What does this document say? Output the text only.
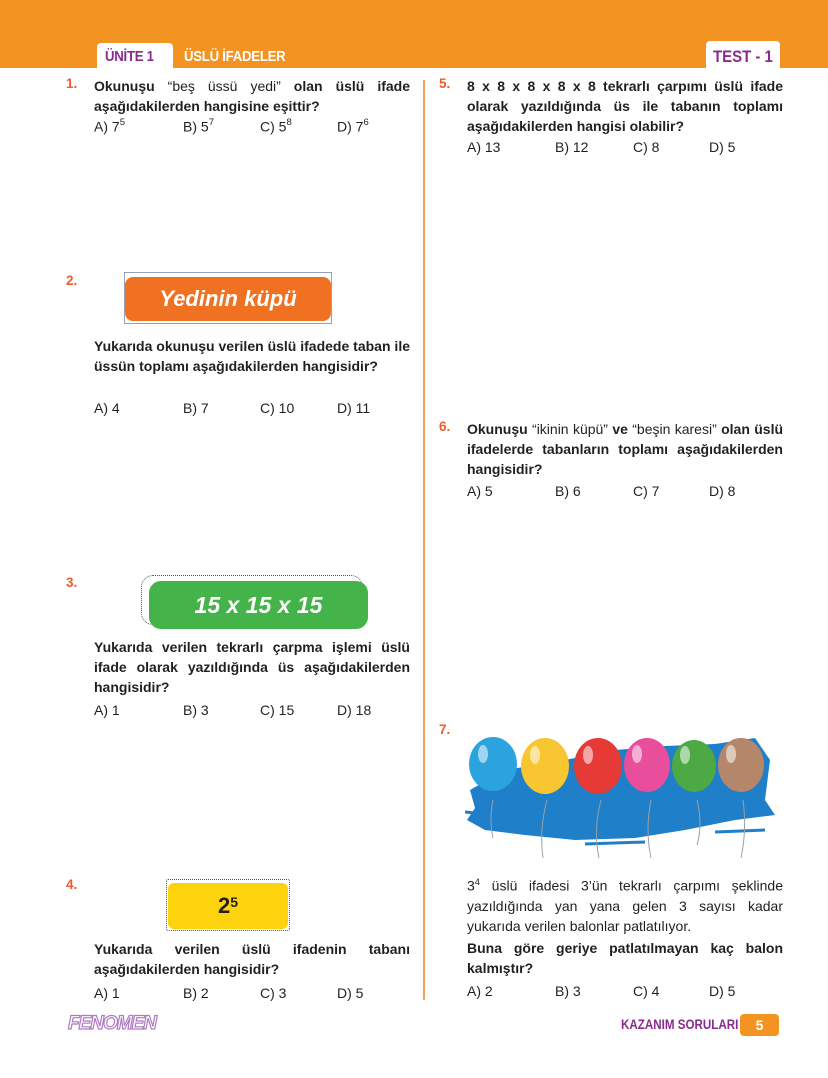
ÜNİTE 1 ÜSLÜ İFADELER	TEST - 1
1. Okunuşu “beş üssü yedi” olan üslü ifade aşağıdakilerden hangisine eşittir?
A) $7^5$	B) $5^7$	C) $5^8$	D) $7^6$
2.
Yedinin küpü
Yukarıda okunuşu verilen üslü ifadede taban ile üssün toplamı aşağıdakilerden hangisidir?
A) 4	B) 7	C) 10	D) 11
3.
15 x 15 x 15
Yukarıda verilen tekrarlı çarpma işlemi üslü ifade olarak yazıldığında üs aşağıdakilerden hangisidir?
A) 1	B) 3	C) 15	D) 18
4.
$2^5$
Yukarıda verilen üslü ifadenin tabanı aşağıdakilerden hangisidir?
A) 1	B) 2	C) 3	D) 5
5. 8 x 8 x 8 x 8 x 8 tekrarlı çarpımı üslü ifade olarak yazıldığında üs ile tabanın toplamı aşağıdakilerden hangisi olabilir?
A) 13	B) 12	C) 8	D) 5
6. Okunuşu “ikinin küpü” ve “beşin karesi” olan üslü ifadelerde tabanların toplamı aşağıdakilerden hangisidir?
A) 5	B) 6	C) 7	D) 8
7.
$3^4$ üslü ifadesi 3’ün tekrarlı çarpımı şeklinde yazıldığında yan yana gelen 3 sayısı kadar yukarıda verilen balonlar patlatılıyor.
Buna göre geriye patlatılmayan kaç balon kalmıştır?
A) 2	B) 3	C) 4	D) 5
FENOMEN	KAZANIM SORULARI	5
